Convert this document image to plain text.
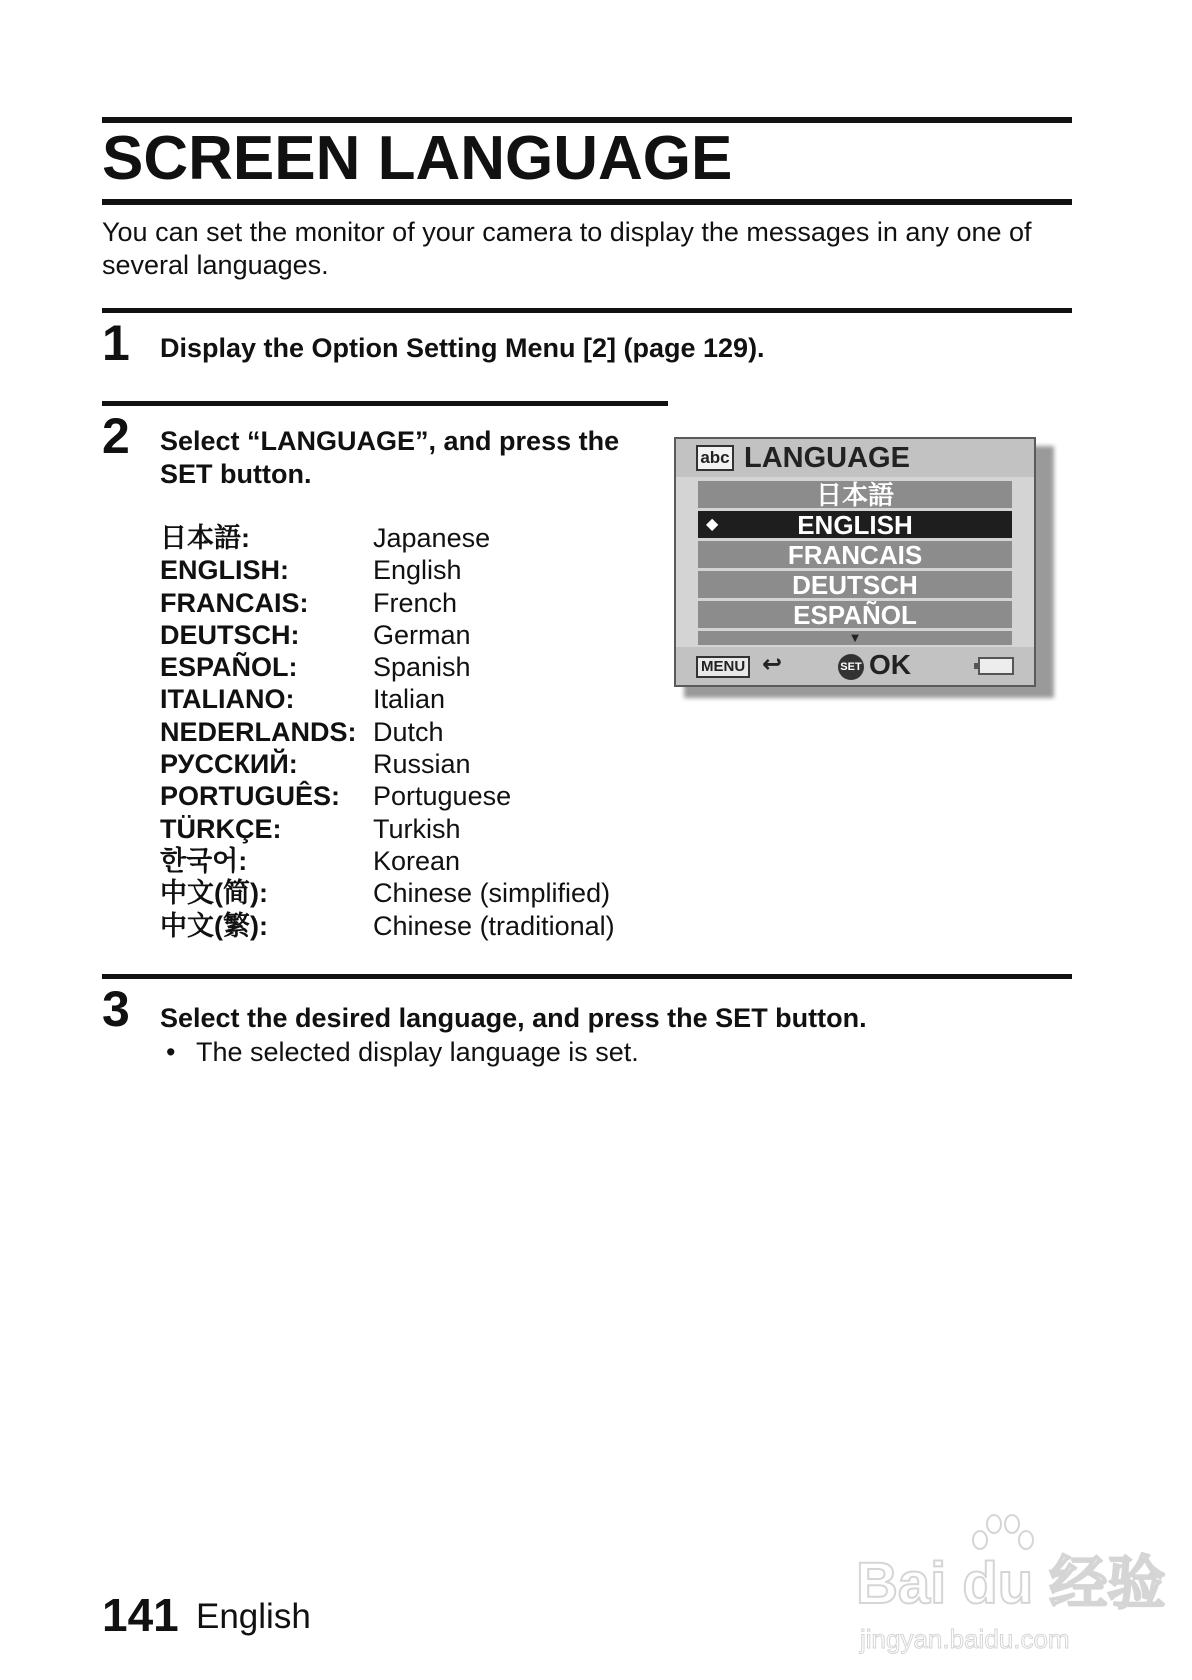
SCREEN LANGUAGE

You can set the monitor of your camera to display the messages in any one of several languages.

1 Display the Option Setting Menu [2] (page 129).
2 Select “LANGUAGE”, and press the
SET button.
日本語:	Japanese
ENGLISH:	English
FRANCAIS:	French
DEUTSCH:	German
ESPAÑOL:	Spanish
ITALIANO:	Italian
NEDERLANDS:	Dutch
РУССКИЙ:	Russian
PORTUGUÊS:	Portuguese
TÜRKÇE:	Turkish
한국어:	Korean
中文(简):	Chinese (simplified)
中文(繁):	Chinese (traditional)
abc LANGUAGE
日本語
◆	ENGLISH
FRANCAIS
DEUTSCH
ESPAÑOL
▼
MENU ↩	SET OK
3 Select the desired language, and press the SET button.
• The selected display language is set.
141 English
Bai du 经验
jingyan.baidu.com
